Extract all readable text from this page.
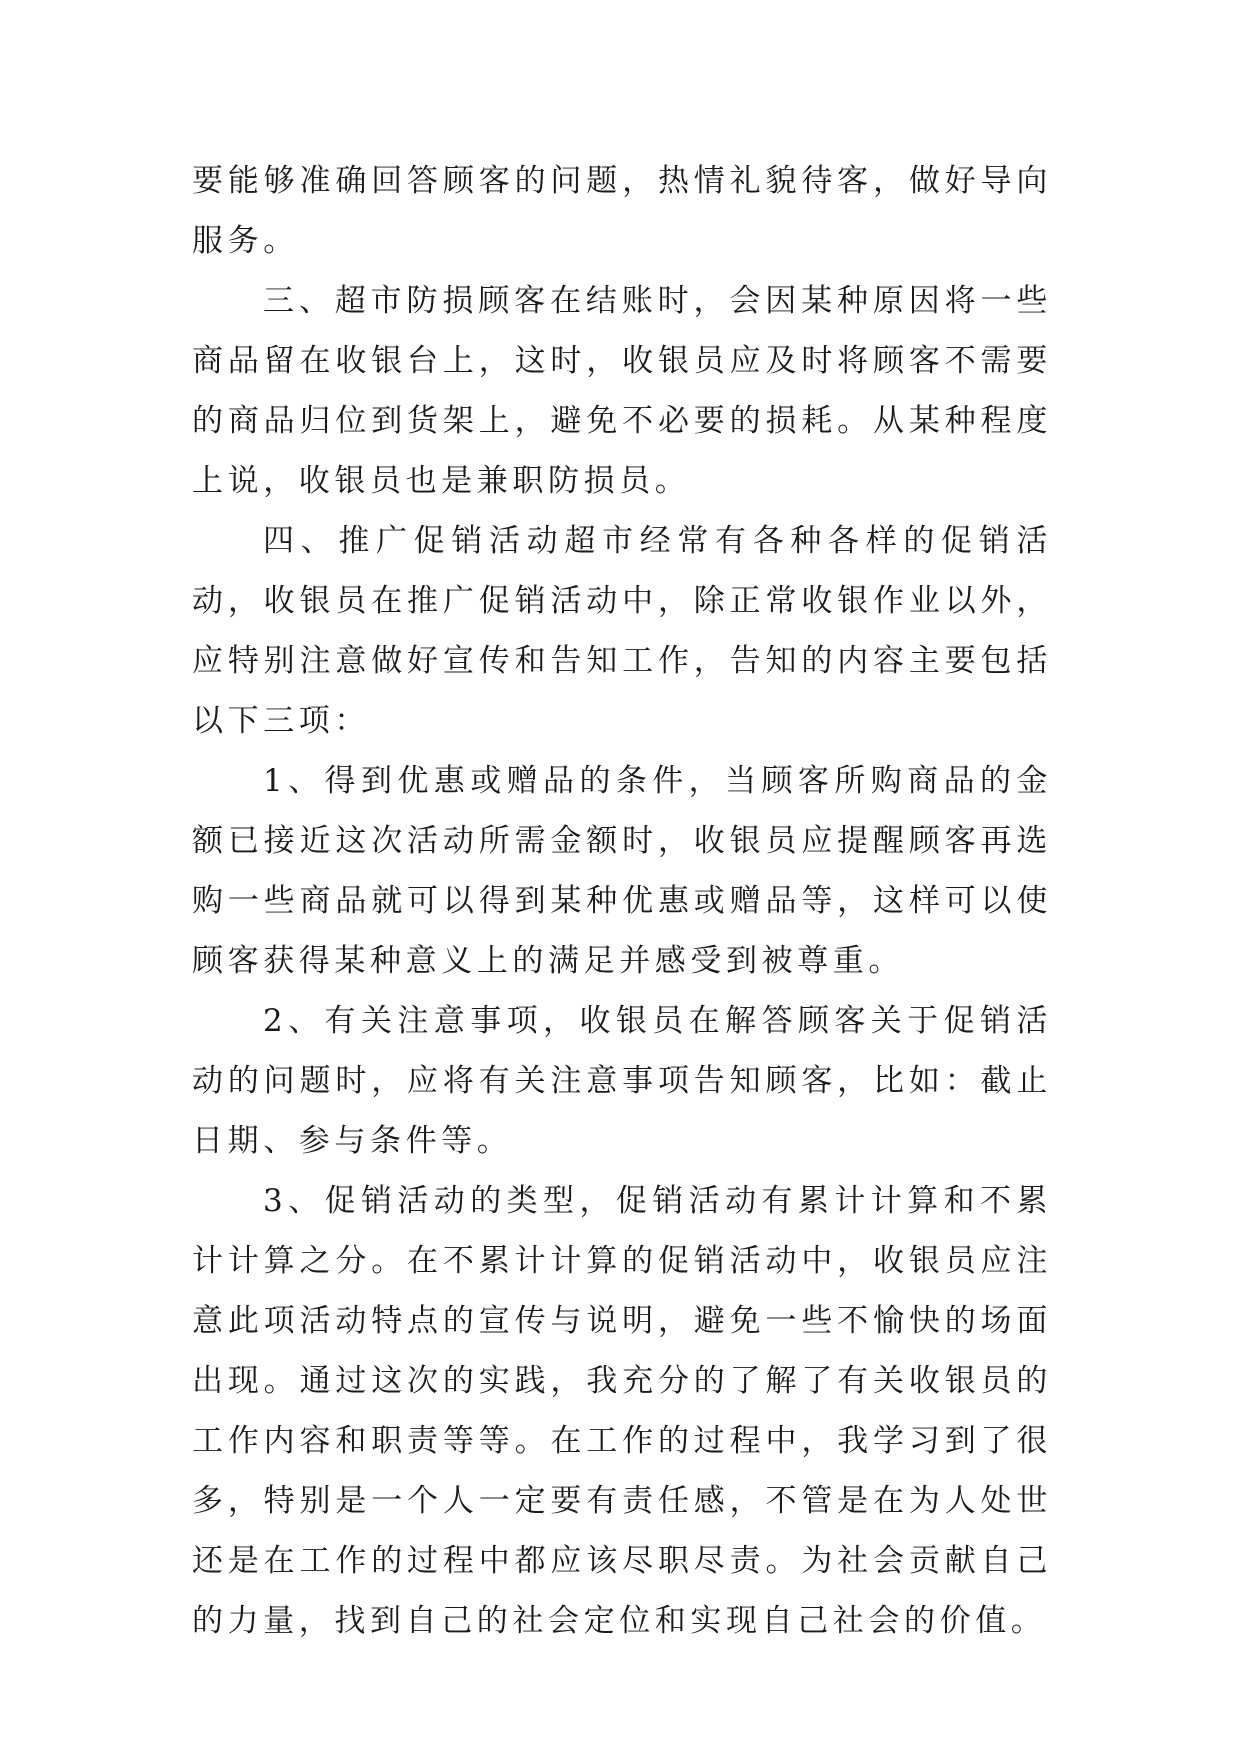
要能够准确回答顾客的问题，热情礼貌待客，做好导向服务。

三、超市防损顾客在结账时，会因某种原因将一些商品留在收银台上，这时，收银员应及时将顾客不需要的商品归位到货架上，避免不必要的损耗。从某种程度上说，收银员也是兼职防损员。

四、推广促销活动超市经常有各种各样的促销活动，收银员在推广促销活动中，除正常收银作业以外，应特别注意做好宣传和告知工作，告知的内容主要包括以下三项：

1、得到优惠或赠品的条件，当顾客所购商品的金额已接近这次活动所需金额时，收银员应提醒顾客再选购一些商品就可以得到某种优惠或赠品等，这样可以使顾客获得某种意义上的满足并感受到被尊重。

2、有关注意事项，收银员在解答顾客关于促销活动的问题时，应将有关注意事项告知顾客，比如：截止日期、参与条件等。

3、促销活动的类型，促销活动有累计计算和不累计计算之分。在不累计计算的促销活动中，收银员应注意此项活动特点的宣传与说明，避免一些不愉快的场面出现。通过这次的实践，我充分的了解了有关收银员的工作内容和职责等等。在工作的过程中，我学习到了很多，特别是一个人一定要有责任感，不管是在为人处世还是在工作的过程中都应该尽职尽责。为社会贡献自己的力量，找到自己的社会定位和实现自己社会的价值。
